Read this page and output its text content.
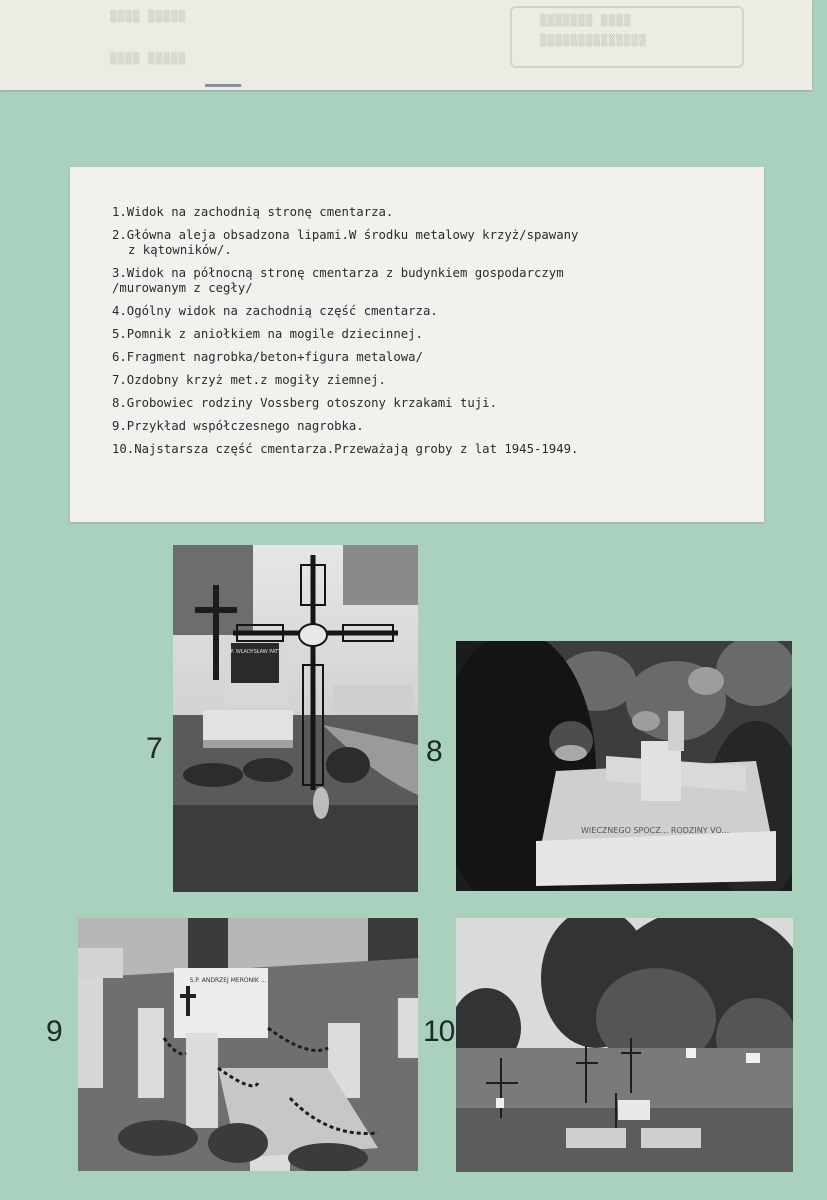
▒▒▒▒ ▒▒▒▒▒
▒▒▒▒ ▒▒▒▒▒
▒▒▒▒▒▒▒ ▒▒▒▒
▒▒▒▒▒▒▒▒▒▒▒▒▒▒
▬▬▬▬▬▬
1.Widok na zachodnią stronę cmentarza.
2.Główna aleja obsadzona lipami.W środku metalowy krzyż/spawany
z kątowników/.
3.Widok na północną stronę cmentarza z budynkiem gospodarczym
/murowanym z cegły/
4.Ogólny widok na zachodnią część cmentarza.
5.Pomnik z aniołkiem na mogile dziecinnej.
6.Fragment nagrobka/beton+figura metalowa/
7.Ozdobny krzyż met.z mogiły ziemnej.
8.Grobowiec rodziny Vossberg otoszony krzakami tuji.
9.Przykład współczesnego nagrobka.
10.Najstarsza część cmentarza.Przeważają groby z lat 1945-1949.
7
S.P. WŁADYSŁAW PATYK
8
WIECZNEGO SPOCZ... RODZINY VO...
9
S.P. ANDRZEJ MERONIK ...
10
